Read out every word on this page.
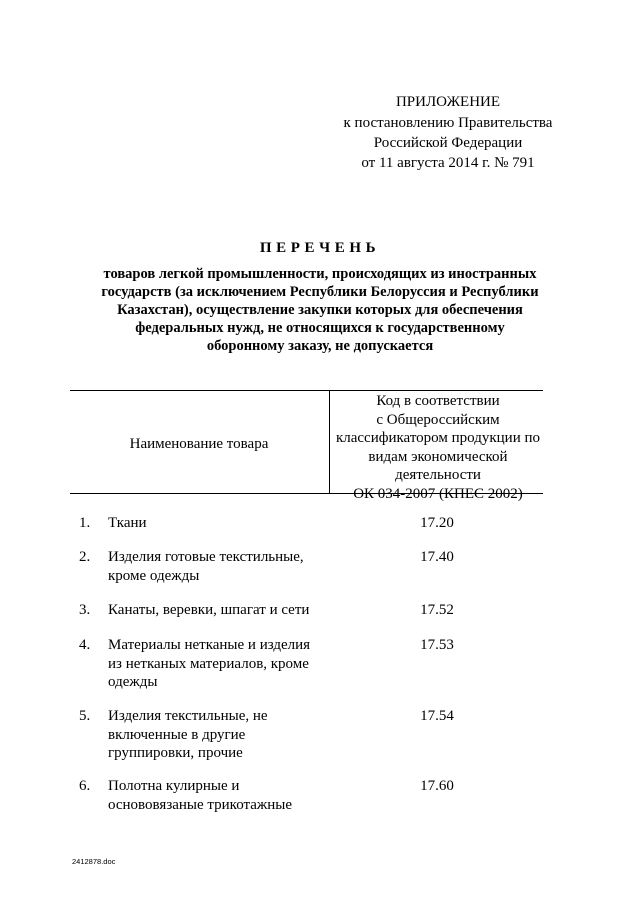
ПРИЛОЖЕНИЕ
к постановлению Правительства
Российской Федерации
от 11 августа 2014 г. № 791
ПЕРЕЧЕНЬ
товаров легкой промышленности, происходящих из иностранных
государств (за исключением Республики Белоруссия и Республики
Казахстан), осуществление закупки которых для обеспечения
федеральных нужд, не относящихся к государственному
оборонному заказу, не допускается
Наименование товара
Код в соответствии
с Общероссийским
классификатором продукции по
видам экономической
деятельности
ОК 034-2007 (КПЕС 2002)
1. Ткани	17.20
2. Изделия готовые текстильные,
кроме одежды
17.40
3. Канаты, веревки, шпагат и сети	17.52
4. Материалы нетканые и изделия
из нетканых материалов, кроме
одежды
17.53
5. Изделия текстильные, не
включенные в другие
группировки, прочие
17.54
6. Полотна кулирные и
основовязаные трикотажные
17.60
2412878.doc
